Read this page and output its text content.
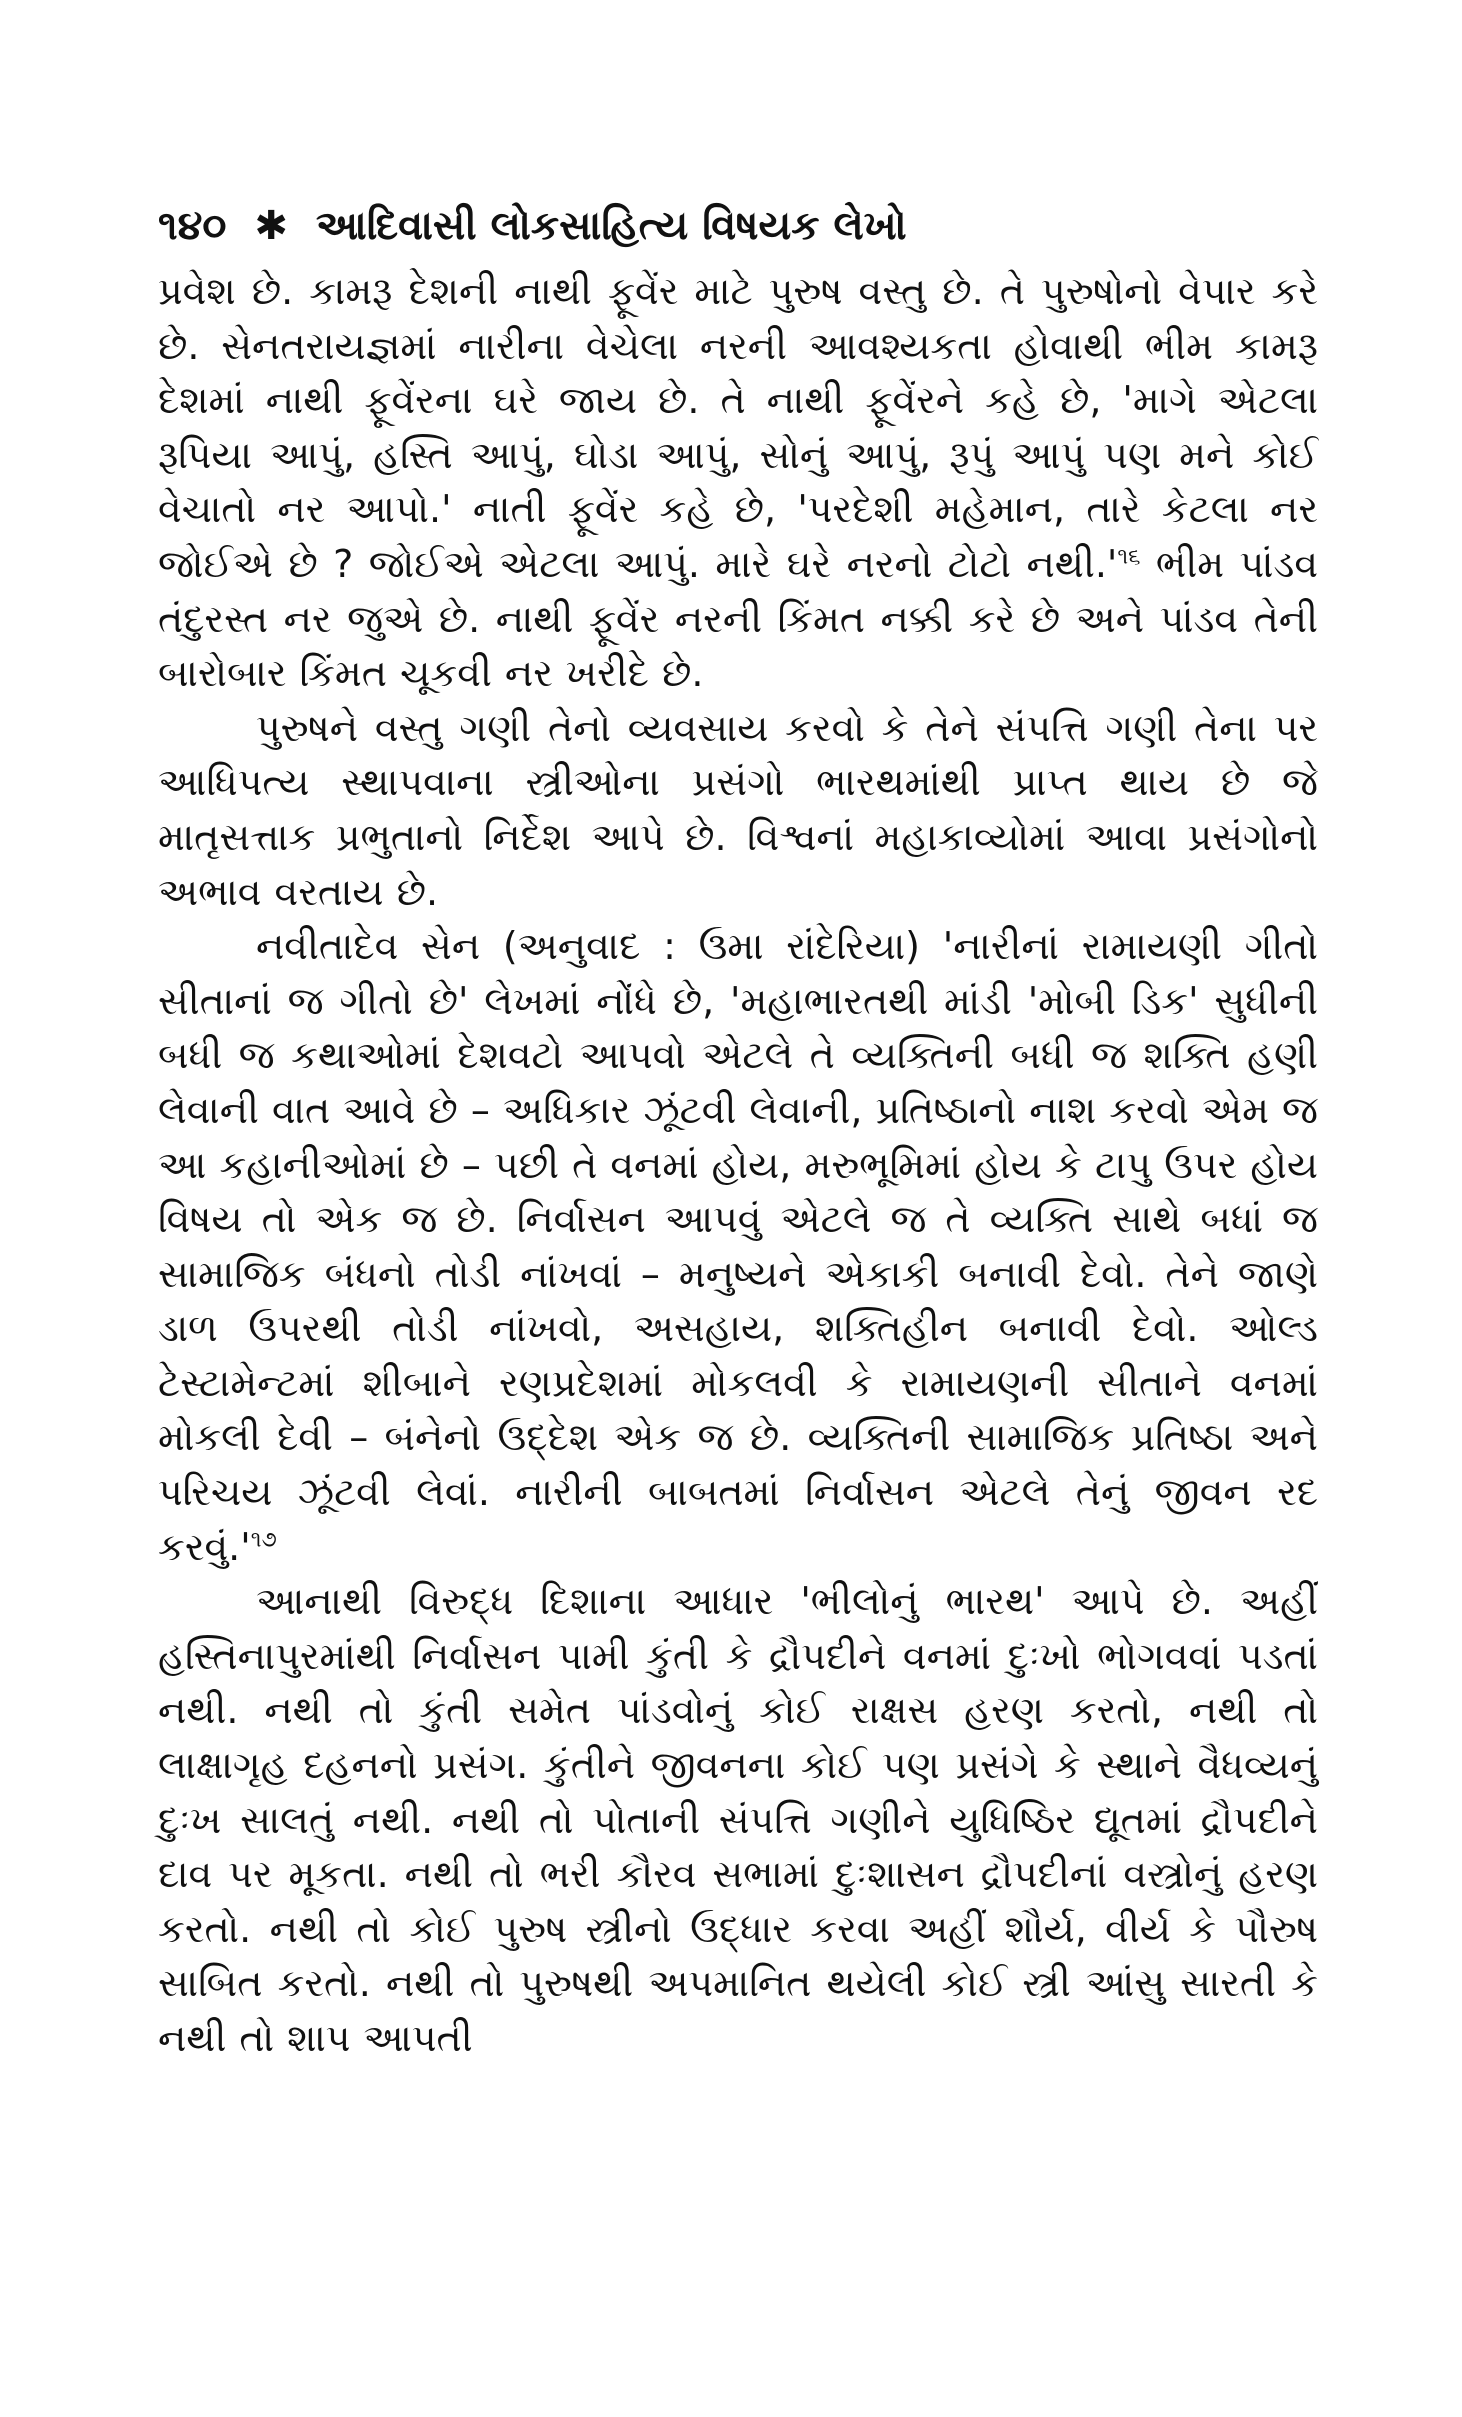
૧૪૦ ✱ આદિવાસી લોકસાહિત્ય વિષયક લેખો

પ્રવેશ છે. કામરૂ દેશની નાથી ફૂવેંર માટે પુરુષ વસ્તુ છે. તે પુરુષોનો વેપાર કરે છે. સેનતરાયજ્ઞમાં નારીના વેચેલા નરની આવશ્યકતા હોવાથી ભીમ કામરૂ દેશમાં નાથી ફૂવેંરના ઘરે જાય છે. તે નાથી ફૂવેંરને કહે છે, 'માગે એટલા રૂપિયા આપું, હસ્તિ આપું, ઘોડા આપું, સોનું આપું, રૂપું આપું પણ મને કોઈ વેચાતો નર આપો.' નાતી ફૂવેંર કહે છે, 'પરદેશી મહેમાન, તારે કેટલા નર જોઈએ છે ? જોઈએ એટલા આપું. મારે ઘરે નરનો ટોટો નથી.'$^{૧૬}$ ભીમ પાંડવ તંદુરસ્ત નર જુએ છે. નાથી ફૂવેંર નરની કિંમત નક્કી કરે છે અને પાંડવ તેની બારોબાર કિંમત ચૂકવી નર ખરીદે છે.

પુરુષને વસ્તુ ગણી તેનો વ્યવસાય કરવો કે તેને સંપત્તિ ગણી તેના પર આધિપત્ય સ્થાપવાના સ્ત્રીઓના પ્રસંગો ભારથમાંથી પ્રાપ્ત થાય છે જે માતૃસત્તાક પ્રભુતાનો નિર્દેશ આપે છે. વિશ્વનાં મહાકાવ્યોમાં આવા પ્રસંગોનો અભાવ વરતાય છે.

નવીતાદેવ સેન (અનુવાદ : ઉમા રાંદેરિયા) 'નારીનાં રામાયણી ગીતો સીતાનાં જ ગીતો છે' લેખમાં નોંધે છે, 'મહાભારતથી માંડી 'મોબી ડિક' સુધીની બધી જ કથાઓમાં દેશવટો આપવો એટલે તે વ્યક્તિની બધી જ શક્તિ હણી લેવાની વાત આવે છે – અધિકાર ઝૂંટવી લેવાની, પ્રતિષ્ઠાનો નાશ કરવો એમ જ આ કહાનીઓમાં છે – પછી તે વનમાં હોય, મરુભૂમિમાં હોય કે ટાપુ ઉપર હોય વિષય તો એક જ છે. નિર્વાસન આપવું એટલે જ તે વ્યક્તિ સાથે બધાં જ સામાજિક બંધનો તોડી નાંખવાં – મનુષ્યને એકાકી બનાવી દેવો. તેને જાણે ડાળ ઉપરથી તોડી નાંખવો, અસહાય, શક્તિહીન બનાવી દેવો. ઓલ્ડ ટેસ્ટામેન્ટમાં શીબાને રણપ્રદેશમાં મોકલવી કે રામાયણની સીતાને વનમાં મોકલી દેવી – બંનેનો ઉદ્દેશ એક જ છે. વ્યક્તિની સામાજિક પ્રતિષ્ઠા અને પરિચય ઝૂંટવી લેવાં. નારીની બાબતમાં નિર્વાસન એટલે તેનું જીવન રદ કરવું.'$^{૧૭}$

આનાથી વિરુદ્ધ દિશાના આધાર 'ભીલોનું ભારથ' આપે છે. અહીં હસ્તિનાપુરમાંથી નિર્વાસન પામી કુંતી કે દ્રૌપદીને વનમાં દુઃખો ભોગવવાં પડતાં નથી. નથી તો કુંતી સમેત પાંડવોનું કોઈ રાક્ષસ હરણ કરતો, નથી તો લાક્ષાગૃહ દહનનો પ્રસંગ. કુંતીને જીવનના કોઈ પણ પ્રસંગે કે સ્થાને વૈધવ્યનું દુઃખ સાલતું નથી. નથી તો પોતાની સંપત્તિ ગણીને યુધિષ્ઠિર દ્યૂતમાં દ્રૌપદીને દાવ પર મૂકતા. નથી તો ભરી કૌરવ સભામાં દુઃશાસન દ્રૌપદીનાં વસ્ત્રોનું હરણ કરતો. નથી તો કોઈ પુરુષ સ્ત્રીનો ઉદ્ધાર કરવા અહીં શૌર્ય, વીર્ય કે પૌરુષ સાબિત કરતો. નથી તો પુરુષથી અપમાનિત થયેલી કોઈ સ્ત્રી આંસુ સારતી કે નથી તો શાપ આપતી
